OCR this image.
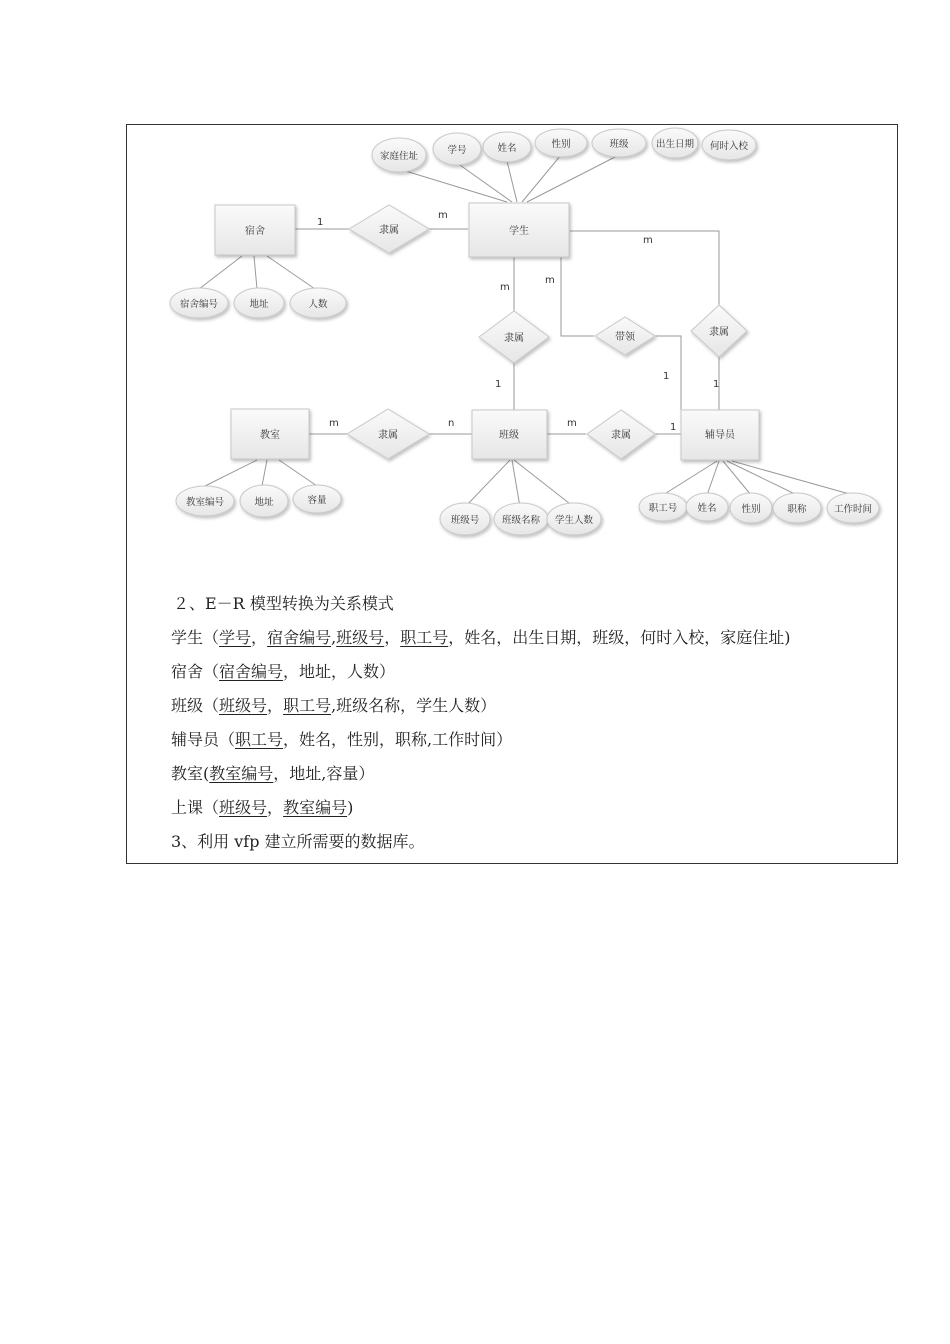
宿舍	学生
教室	班级	辅导员
隶属
隶属	带领	隶属
隶属	隶属
家庭住址
学号	姓名	性别	班级	出生日期 何时入校
宿舍编号	地址	人数
教室编号	地址	容量
班级号 班级名称 学生人数
职工号 姓名	性别	职称	工作时间
1
m
m
m
m
1
1
1
m	n	m	1
２、E－R 模型转换为关系模式
学生（学号，宿舍编号,班级号，职工号，姓名，出生日期，班级，何时入校，家庭住址)
宿舍（宿舍编号，地址，人数）
班级（班级号，职工号,班级名称，学生人数）
辅导员（职工号，姓名，性别，职称,工作时间）
教室(教室编号，地址,容量）
上课（班级号，教室编号)
3、利用 vfp 建立所需要的数据库。
